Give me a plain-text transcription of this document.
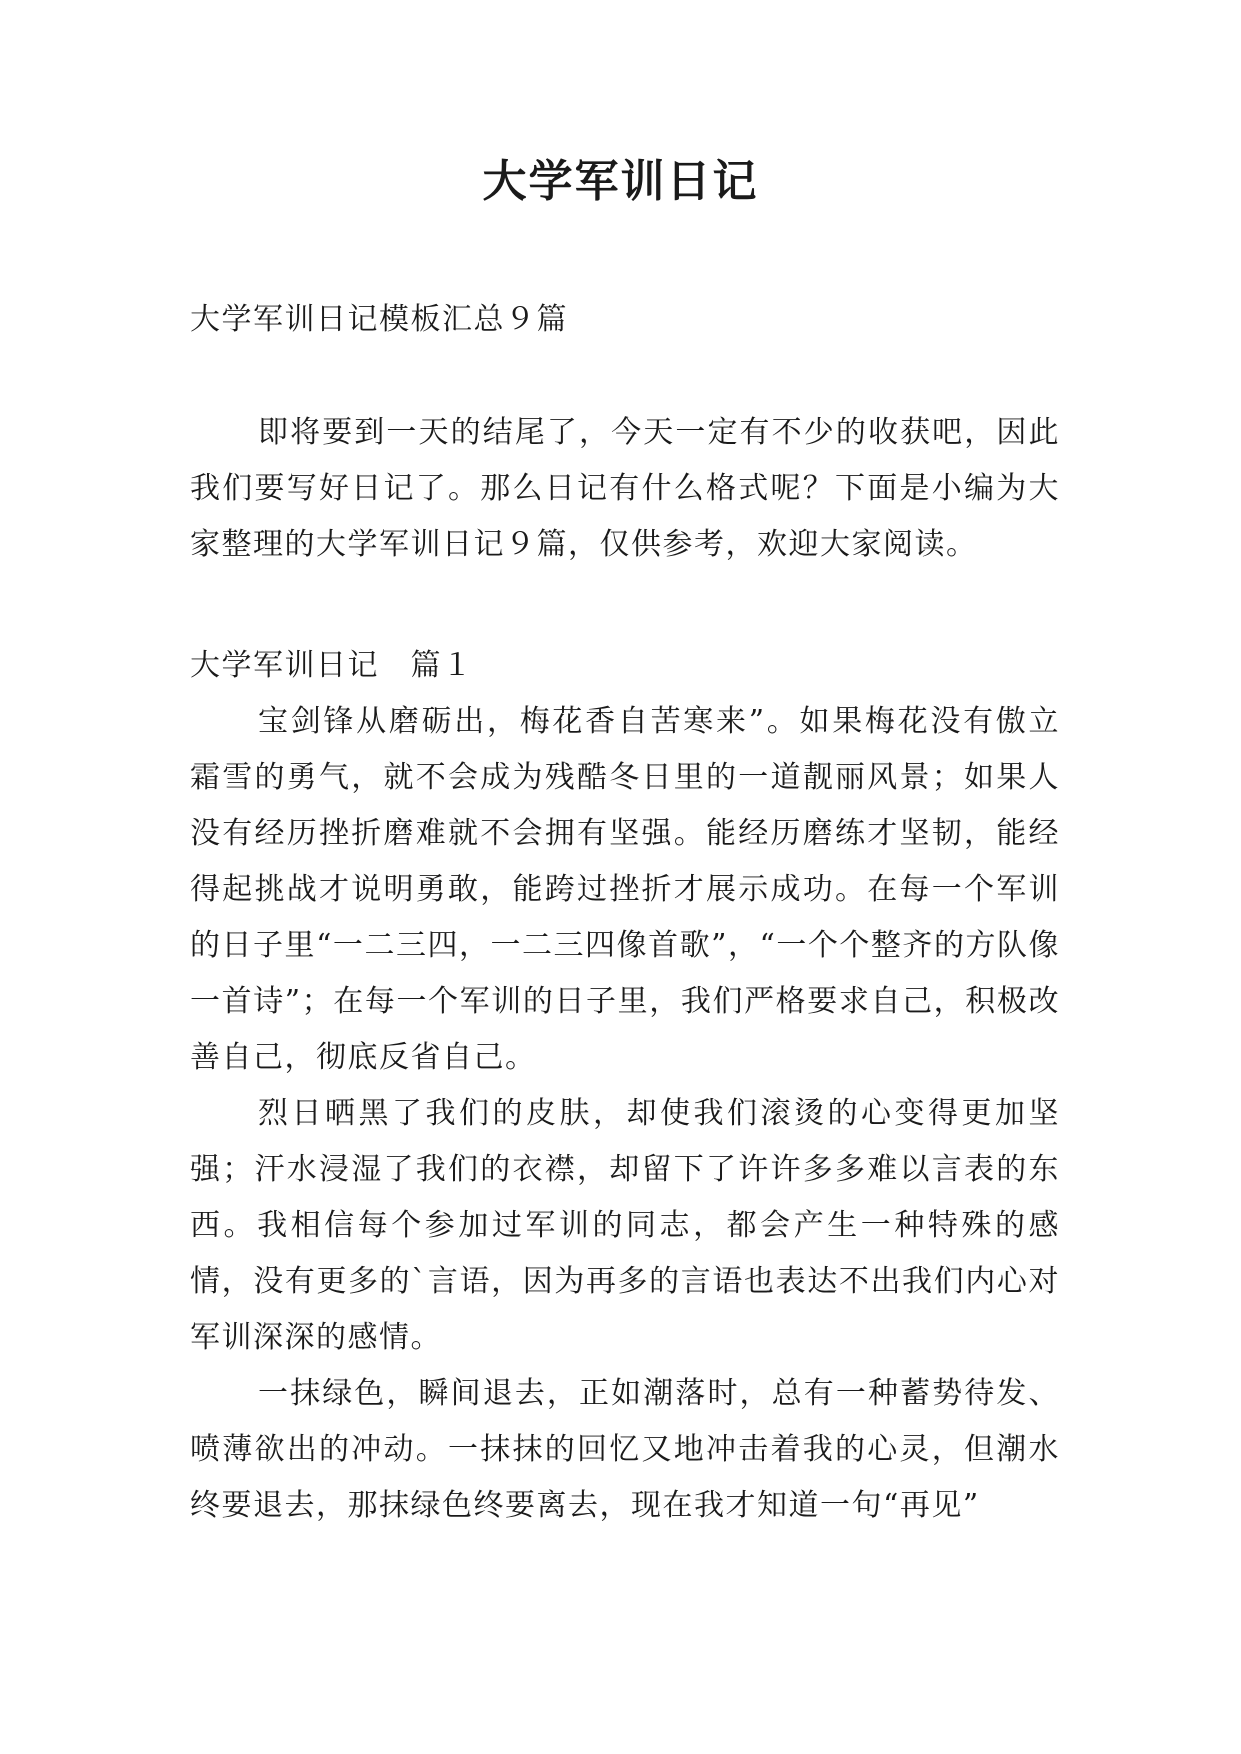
大学军训日记
大学军训日记模板汇总９篇
即将要到一天的结尾了，今天一定有不少的收获吧，因此我们要写好日记了。那么日记有什么格式呢？下面是小编为大家整理的大学军训日记９篇，仅供参考，欢迎大家阅读。
大学军训日记　篇１

宝剑锋从磨砺出，梅花香自苦寒来”。如果梅花没有傲立霜雪的勇气，就不会成为残酷冬日里的一道靓丽风景；如果人没有经历挫折磨难就不会拥有坚强。能经历磨练才坚韧，能经得起挑战才说明勇敢，能跨过挫折才展示成功。在每一个军训的日子里“一二三四，一二三四像首歌”，“一个个整齐的方队像一首诗”；在每一个军训的日子里，我们严格要求自己，积极改善自己，彻底反省自己。

烈日晒黑了我们的皮肤，却使我们滚烫的心变得更加坚强；汗水浸湿了我们的衣襟，却留下了许许多多难以言表的东西。我相信每个参加过军训的同志，都会产生一种特殊的感情，没有更多的`言语，因为再多的言语也表达不出我们内心对军训深深的感情。

一抹绿色，瞬间退去，正如潮落时，总有一种蓄势待发、喷薄欲出的冲动。一抹抹的回忆又地冲击着我的心灵，但潮水终要退去，那抹绿色终要离去，现在我才知道一句“再见”
